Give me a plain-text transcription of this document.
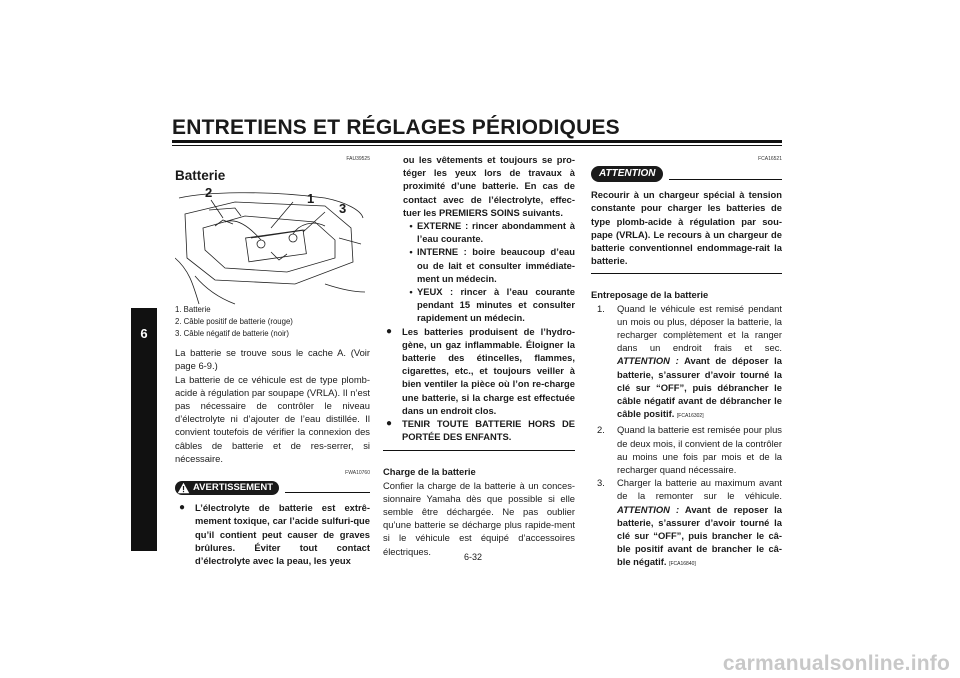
ENTRETIENS ET RÉGLAGES PÉRIODIQUES
6
FAU39525
Batterie
2	1
3
1. Batterie
2. Câble positif de batterie (rouge)
3. Câble négatif de batterie (noir)
La batterie se trouve sous le cache A. (Voir page 6-9.)
La batterie de ce véhicule est de type plomb-acide à régulation par soupape (VRLA). Il n’est pas nécessaire de contrôler le niveau d’électrolyte ni d’ajouter de l’eau distillée. Il convient toutefois de vérifier la connexion des câbles de batterie et de res-serrer, si nécessaire.
FWA10760
AVERTISSEMENT
●	L’électrolyte de batterie est extrê-mement toxique, car l’acide sulfuri-que qu’il contient peut causer de graves brûlures. Éviter tout contact d’électrolyte avec la peau, les yeux
ou les vêtements et toujours se pro-téger les yeux lors de travaux à proximité d’une batterie. En cas de contact avec de l’électrolyte, effec-tuer les PREMIERS SOINS suivants.
• EXTERNE : rincer abondamment à l’eau courante.
• INTERNE : boire beaucoup d’eau ou de lait et consulter immédiate-ment un médecin.
• YEUX : rincer à l’eau courante pendant 15 minutes et consulter rapidement un médecin.
●	Les batteries produisent de l’hydro-gène, un gaz inflammable. Éloigner la batterie des étincelles, flammes, cigarettes, etc., et toujours veiller à bien ventiler la pièce où l’on re-charge une batterie, si la charge est effectuée dans un endroit clos.
●	TENIR TOUTE BATTERIE HORS DE PORTÉE DES ENFANTS.
Charge de la batterie
Confier la charge de la batterie à un conces-sionnaire Yamaha dès que possible si elle semble être déchargée. Ne pas oublier qu’une batterie se décharge plus rapide-ment si le véhicule est équipé d’accessoires électriques.
FCA16521
ATTENTION
Recourir à un chargeur spécial à tension constante pour charger les batteries de type plomb-acide à régulation par sou-pape (VRLA). Le recours à un chargeur de batterie conventionnel endommage-rait la batterie.
Entreposage de la batterie
1.	Quand le véhicule est remisé pendant un mois ou plus, déposer la batterie, la recharger complètement et la ranger dans un endroit frais et sec. ATTENTION : Avant de déposer la batterie, s’assurer d’avoir tourné la clé sur “OFF”, puis débrancher le câble négatif avant de débrancher le câble positif. [FCA16302]
2.	Quand la batterie est remisée pour plus de deux mois, il convient de la contrôler au moins une fois par mois et de la recharger quand nécessaire.
3.	Charger la batterie au maximum avant de la remonter sur le véhicule. ATTENTION : Avant de reposer la batterie, s’assurer d’avoir tourné la clé sur “OFF”, puis brancher le câ-ble positif avant de brancher le câ-ble négatif. [FCA16840]
6-32
carmanualsonline.info
